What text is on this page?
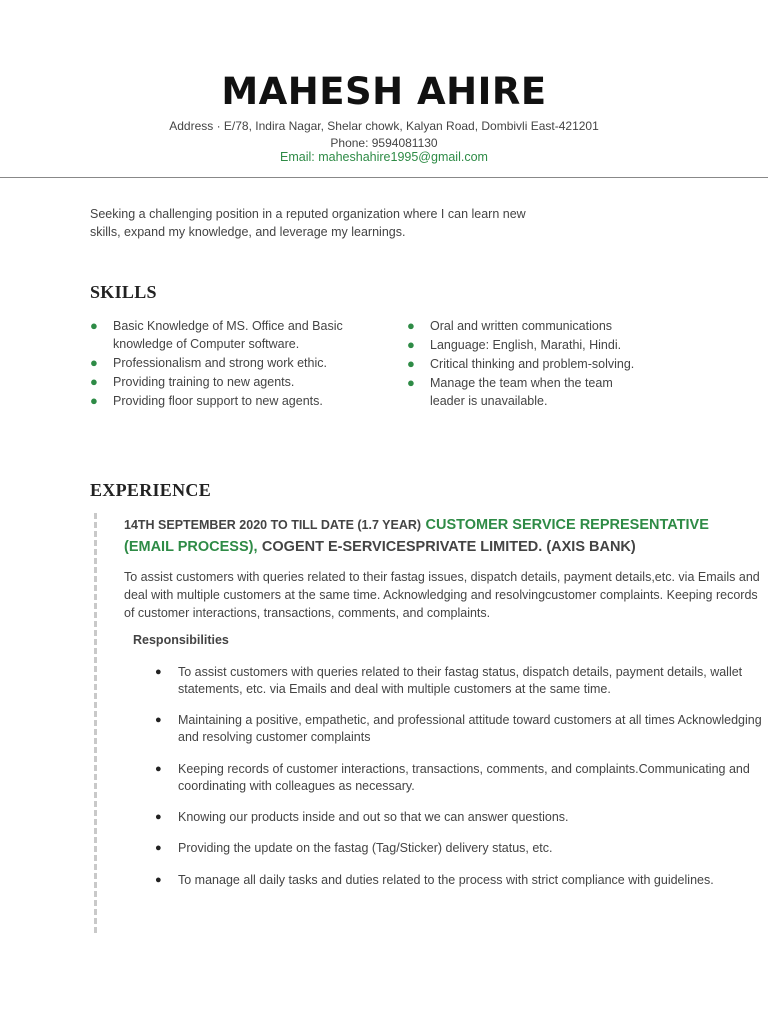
MAHESH AHIRE
Address · E/78, Indira Nagar, Shelar chowk, Kalyan Road, Dombivli East-421201 Phone: 9594081130
Email: maheshahire1995@gmail.com
Seeking a challenging position in a reputed organization where I can learn new skills, expand my knowledge, and leverage my learnings.
SKILLS
● Basic Knowledge of MS. Office and Basic knowledge of Computer software.
● Professionalism and strong work ethic.
● Providing training to new agents.
● Providing floor support to new agents.
● Oral and written communications
● Language: English, Marathi, Hindi.
● Critical thinking and problem-solving.
● Manage the team when the team leader is unavailable.
EXPERIENCE
14TH SEPTEMBER 2020 TO TILL DATE (1.7 YEAR) CUSTOMER SERVICE REPRESENTATIVE (EMAIL PROCESS), COGENT E-SERVICESPRIVATE LIMITED. (AXIS BANK)
To assist customers with queries related to their fastag issues, dispatch details, payment details,etc. via Emails and deal with multiple customers at the same time. Acknowledging and resolvingcustomer complaints. Keeping records of customer interactions, transactions, comments, and complaints.
Responsibilities
●	To assist customers with queries related to their fastag status, dispatch details, payment details, wallet statements, etc. via Emails and deal with multiple customers at the same time.
●	Maintaining a positive, empathetic, and professional attitude toward customers at all times Acknowledging and resolving customer complaints
●	Keeping records of customer interactions, transactions, comments, and complaints.Communicating and coordinating with colleagues as necessary.
●	Knowing our products inside and out so that we can answer questions.
●	Providing the update on the fastag (Tag/Sticker) delivery status, etc.
●	To manage all daily tasks and duties related to the process with strict compliance with guidelines.
